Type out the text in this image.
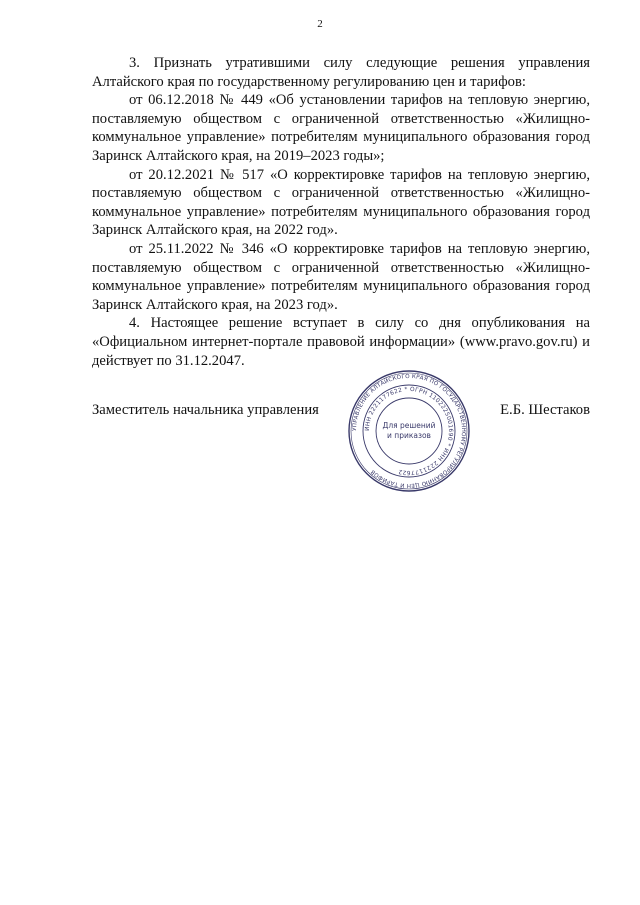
2

3. Признать утратившими силу следующие решения управления Алтайского края по государственному регулированию цен и тарифов:

от 06.12.2018 № 449 «Об установлении тарифов на тепловую энергию, поставляемую обществом с ограниченной ответственностью «Жилищно-коммунальное управление» потребителям муниципального образования город Заринск Алтайского края, на 2019–2023 годы»;

от 20.12.2021 № 517 «О корректировке тарифов на тепловую энергию, поставляемую обществом с ограниченной ответственностью «Жилищно-коммунальное управление» потребителям муниципального образования город Заринск Алтайского края, на 2022 год».

от 25.11.2022 № 346 «О корректировке тарифов на тепловую энергию, поставляемую обществом с ограниченной ответственностью «Жилищно-коммунальное управление» потребителям муниципального образования город Заринск Алтайского края, на 2023 год».

4. Настоящее решение вступает в силу со дня опубликования на «Официальном интернет-портале правовой информации» (www.pravo.gov.ru) и действует по 31.12.2047.

Заместитель начальника управления	Е.Б. Шестаков
УПРАВЛЕНИЕ АЛТАЙСКОГО КРАЯ ПО ГОСУДАРСТВЕННОМУ РЕГУЛИРОВАНИЮ ЦЕН И ТАРИФОВ
ИНН 2221177622 * ОГРН 1102225001690 * ИНН 2221177622
Для решений
и приказов
